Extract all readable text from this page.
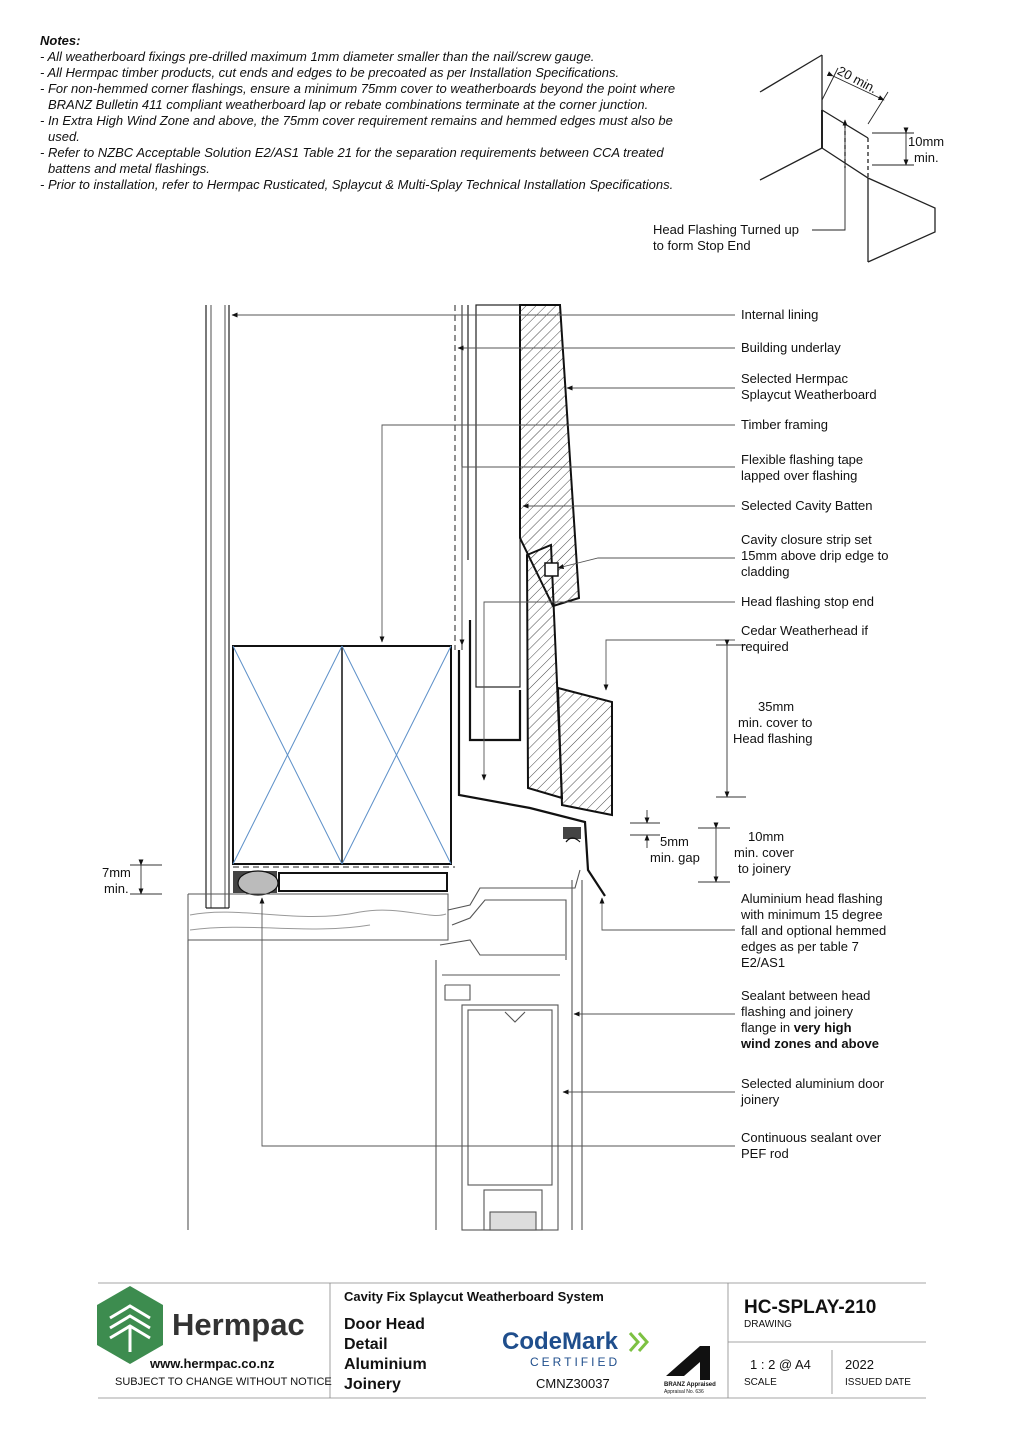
Notes:
- All weatherboard fixings pre-drilled maximum 1mm diameter smaller than the nail/screw gauge.
- All Hermpac timber products, cut ends and edges to be precoated as per Installation Specifications.
- For non-hemmed corner flashings, ensure a minimum 75mm cover to weatherboards beyond the point where BRANZ Bulletin 411 compliant weatherboard lap or rebate combinations terminate at the corner junction.
- In Extra High Wind Zone and above, the 75mm cover requirement remains and hemmed edges must also be used.
- Refer to NZBC Acceptable Solution E2/AS1 Table 21 for the separation requirements between CCA treated battens and metal flashings.
- Prior to installation, refer to Hermpac Rusticated, Splaycut & Multi-Splay Technical Installation Specifications.
20 min.
10mm
min.
Head Flashing Turned up
to form Stop End
Internal lining
Building underlay
Selected Hermpac
Splaycut Weatherboard
Timber framing
Flexible flashing tape
lapped over flashing
Selected Cavity Batten
Cavity closure strip set
15mm above drip edge to
cladding
Head flashing stop end
Cedar Weatherhead if
required
35mm
min. cover to
Head flashing
5mm
min. gap
10mm
min. cover
to joinery
7mm
min.
Aluminium head flashing
with minimum 15 degree
fall and optional hemmed
edges as per table 7
E2/AS1
Sealant between head
flashing and joinery
flange in very high
wind zones and above
Selected aluminium door
joinery
Continuous sealant over
PEF rod
Hermpac
www.hermpac.co.nz
SUBJECT TO CHANGE WITHOUT NOTICE
Cavity Fix Splaycut Weatherboard System
Door Head
Detail
Aluminium
Joinery
CodeMark
CERTIFIED
CMNZ30037	BRANZ Appraised
Appraisal No. 636
HC-SPLAY-210
DRAWING
1 : 2 @ A4
SCALE
2022
ISSUED DATE
